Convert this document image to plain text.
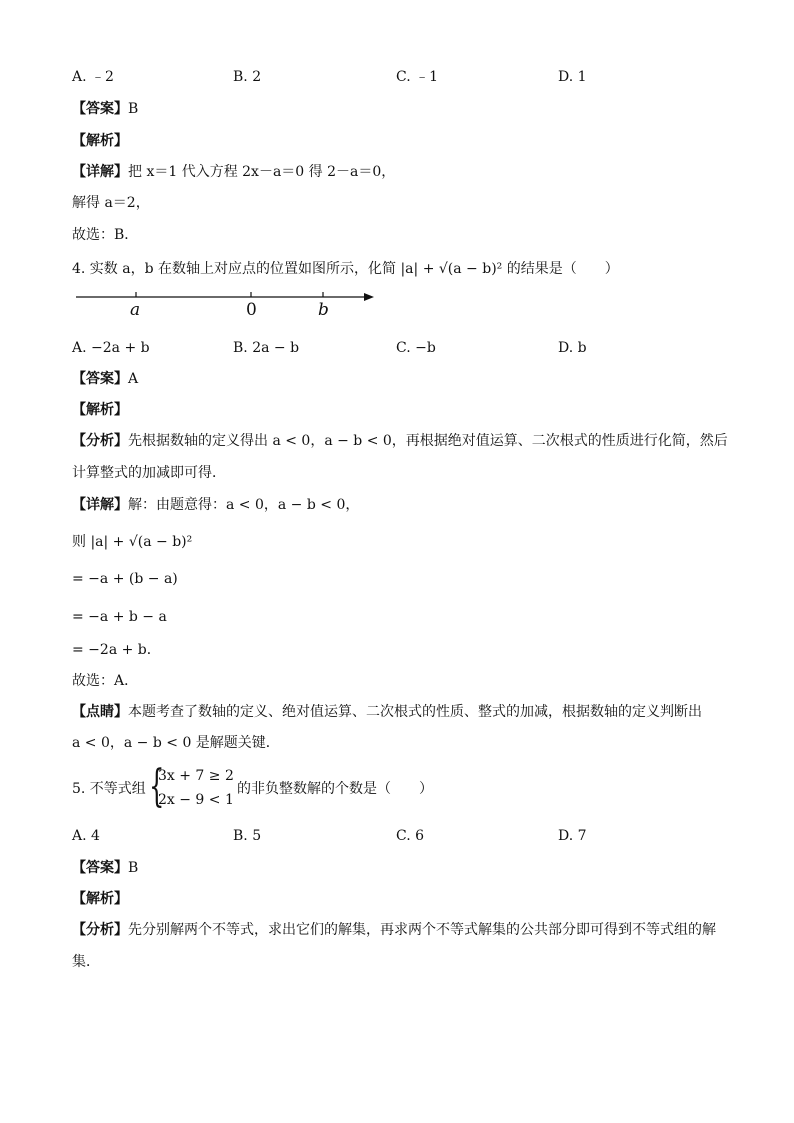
A. ﹣2	B. 2	C. ﹣1	D. 1
【答案】B
【解析】
【详解】把 x＝1 代入方程 2x－a＝0 得 2－a＝0，
解得 a＝2，
故选：B．
4. 实数 a，b 在数轴上对应点的位置如图所示，化简 |a| + √(a − b)² 的结果是（　　）
a	0	b
A. −2a + b	B. 2a − b	C. −b	D. b
【答案】A
【解析】
【分析】先根据数轴的定义得出 a < 0，a − b < 0，再根据绝对值运算、二次根式的性质进行化简，然后
计算整式的加减即可得．
【详解】解：由题意得：a < 0，a − b < 0，
则 |a| + √(a − b)²
= −a + (b − a)
= −a + b − a
= −2a + b．
故选：A．
【点睛】本题考查了数轴的定义、绝对值运算、二次根式的性质、整式的加减，根据数轴的定义判断出
a < 0，a − b < 0 是解题关键．
5. 不等式组 {
3x + 7 ≥ 2
2x − 9 < 1
的非负整数解的个数是（　　）
A. 4	B. 5	C. 6	D. 7
【答案】B
【解析】
【分析】先分别解两个不等式，求出它们的解集，再求两个不等式解集的公共部分即可得到不等式组的解
集．
